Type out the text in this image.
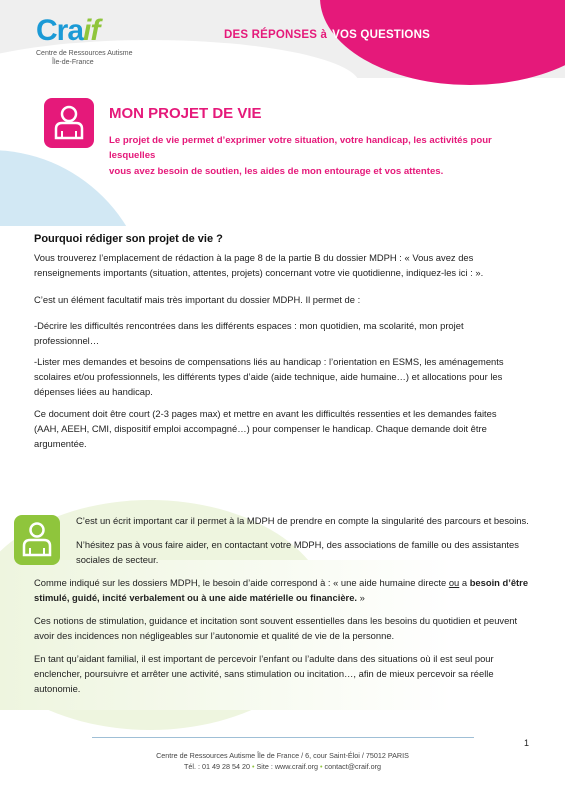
Craif
Centre de Ressources Autisme
Île-de-France
DES RÉPONSES à VOS QUESTIONS
MON PROJET DE VIE
Le projet de vie permet d’exprimer votre situation, votre handicap, les activités pour lesquelles
vous avez besoin de soutien, les aides de mon entourage et vos attentes.
Pourquoi rédiger son projet de vie ?
Vous trouverez l’emplacement de rédaction à la page 8 de la partie B du dossier MDPH : « Vous avez des
renseignements importants (situation, attentes, projets) concernant votre vie quotidienne, indiquez-les ici : ».
C’est un élément facultatif mais très important du dossier MDPH. Il permet de :
-Décrire les difficultés rencontrées dans les différents espaces : mon quotidien, ma scolarité, mon projet
professionnel…
-Lister mes demandes et besoins de compensations liés au handicap : l’orientation en ESMS, les aménagements
scolaires et/ou professionnels, les différents types d’aide (aide technique, aide humaine…) et allocations pour les
dépenses liées au handicap.
Ce document doit être court (2-3 pages max) et mettre en avant les difficultés ressenties et les demandes faites
(AAH, AEEH, CMI, dispositif emploi accompagné…) pour compenser le handicap. Chaque demande doit être
argumentée.
C’est un écrit important car il permet à la MDPH de prendre en compte la singularité des parcours et besoins.
N’hésitez pas à vous faire aider, en contactant votre MDPH, des associations de famille ou des assistantes
sociales de secteur.
Comme indiqué sur les dossiers MDPH, le besoin d’aide correspond à : « une aide humaine directe ou a besoin d’être
stimulé, guidé, incité verbalement ou à une aide matérielle ou financière. »
Ces notions de stimulation, guidance et incitation sont souvent essentielles dans les besoins du quotidien et peuvent
avoir des incidences non négligeables sur l’autonomie et qualité de vie de la personne.
En tant qu’aidant familial, il est important de percevoir l’enfant ou l’adulte dans des situations où il est seul pour
enclencher, poursuivre et arrêter une activité, sans stimulation ou incitation…, afin de mieux percevoir sa réelle
autonomie.
1
Centre de Ressources Autisme Île de France / 6, cour Saint-Éloi / 75012 PARIS
Tél. : 01 49 28 54 20 • Site : www.craif.org • contact@craif.org
